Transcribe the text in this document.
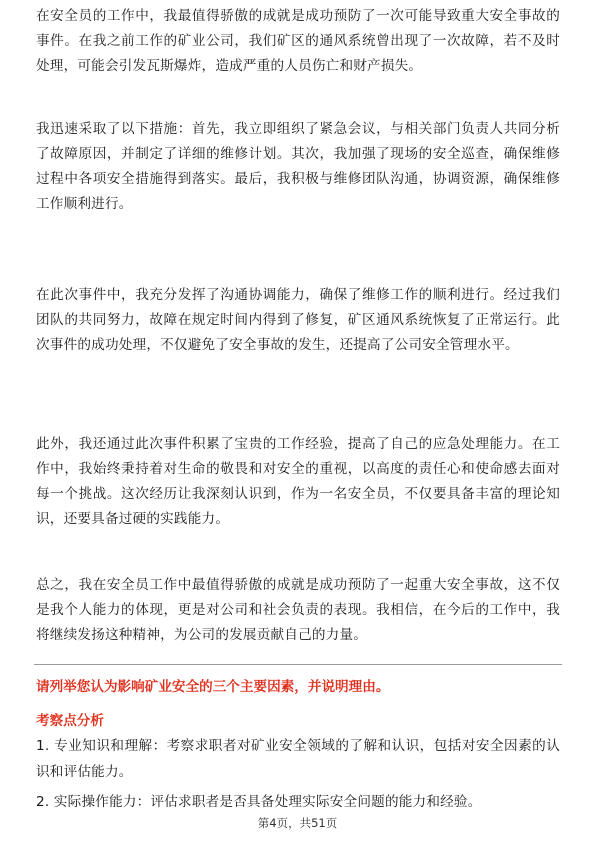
在安全员的工作中，我最值得骄傲的成就是成功预防了一次可能导致重大安全事故的事件。在我之前工作的矿业公司，我们矿区的通风系统曾出现了一次故障，若不及时处理，可能会引发瓦斯爆炸，造成严重的人员伤亡和财产损失。

我迅速采取了以下措施：首先，我立即组织了紧急会议，与相关部门负责人共同分析了故障原因，并制定了详细的维修计划。其次，我加强了现场的安全巡查，确保维修过程中各项安全措施得到落实。最后，我积极与维修团队沟通，协调资源，确保维修工作顺利进行。

在此次事件中，我充分发挥了沟通协调能力，确保了维修工作的顺利进行。经过我们团队的共同努力，故障在规定时间内得到了修复，矿区通风系统恢复了正常运行。此次事件的成功处理，不仅避免了安全事故的发生，还提高了公司安全管理水平。

此外，我还通过此次事件积累了宝贵的工作经验，提高了自己的应急处理能力。在工作中，我始终秉持着对生命的敬畏和对安全的重视，以高度的责任心和使命感去面对每一个挑战。这次经历让我深刻认识到，作为一名安全员，不仅要具备丰富的理论知识，还要具备过硬的实践能力。

总之，我在安全员工作中最值得骄傲的成就是成功预防了一起重大安全事故，这不仅是我个人能力的体现，更是对公司和社会负责的表现。我相信，在今后的工作中，我将继续发扬这种精神，为公司的发展贡献自己的力量。

请列举您认为影响矿业安全的三个主要因素，并说明理由。

考察点分析

1. 专业知识和理解：考察求职者对矿业安全领域的了解和认识，包括对安全因素的认识和评估能力。

2. 实际操作能力：评估求职者是否具备处理实际安全问题的能力和经验。

第4页，共51页
